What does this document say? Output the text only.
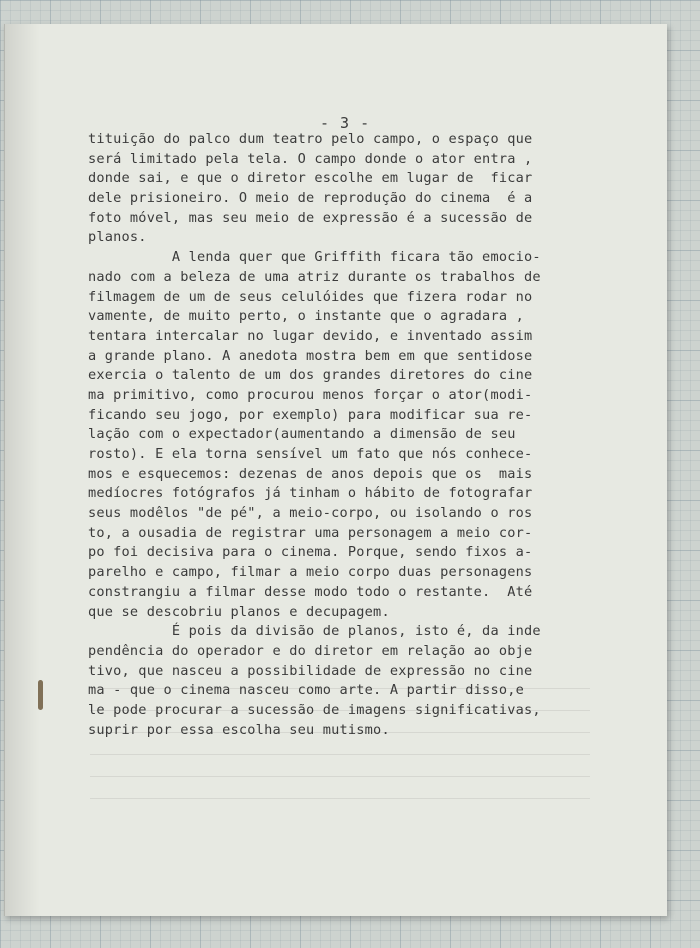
- 3 -
tituição do palco dum teatro pelo campo, o espaço que
será limitado pela tela. O campo donde o ator entra ,
donde sai, e que o diretor escolhe em lugar de  ficar
dele prisioneiro. O meio de reprodução do cinema  é a
foto móvel, mas seu meio de expressão é a sucessão de
planos.
A lenda quer que Griffith ficara tão emocio-
nado com a beleza de uma atriz durante os trabalhos de
filmagem de um de seus celulóides que fizera rodar no
vamente, de muito perto, o instante que o agradara ,
tentara intercalar no lugar devido, e inventado assim
a grande plano. A anedota mostra bem em que sentidose
exercia o talento de um dos grandes diretores do cine
ma primitivo, como procurou menos forçar o ator(modi-
ficando seu jogo, por exemplo) para modificar sua re-
lação com o expectador(aumentando a dimensão de seu
rosto). E ela torna sensível um fato que nós conhece-
mos e esquecemos: dezenas de anos depois que os  mais
medíocres fotógrafos já tinham o hábito de fotografar
seus modêlos "de pé", a meio-corpo, ou isolando o ros
to, a ousadia de registrar uma personagem a meio cor-
po foi decisiva para o cinema. Porque, sendo fixos a-
parelho e campo, filmar a meio corpo duas personagens
constrangiu a filmar desse modo todo o restante.  Até
que se descobriu planos e decupagem.
É pois da divisão de planos, isto é, da inde
pendência do operador e do diretor em relação ao obje
tivo, que nasceu a possibilidade de expressão no cine
ma - que o cinema nasceu como arte. A partir disso,e
le pode procurar a sucessão de imagens significativas,
suprir por essa escolha seu mutismo.
